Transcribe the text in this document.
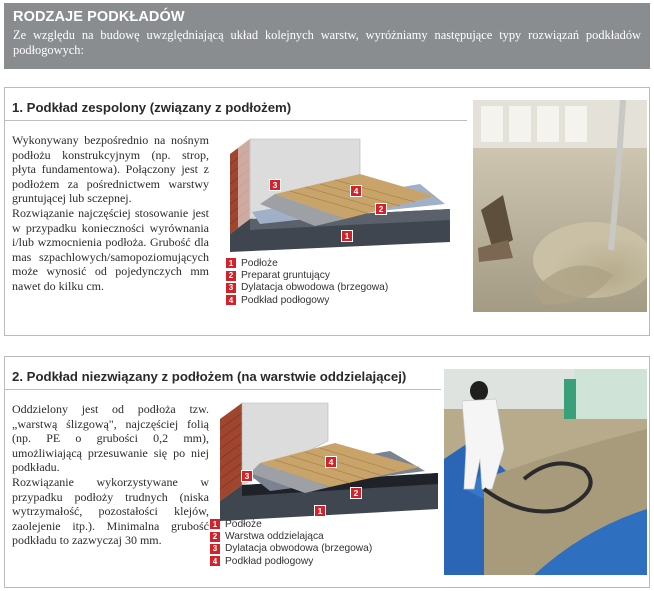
RODZAJE PODKŁADÓW
Ze względu na budowę uwzględniającą układ kolejnych warstw, wyróżniamy następujące typy rozwiązań podkładów podłogowych:
1. Podkład zespolony (związany z podłożem)

Wykonywany bezpośrednio na nośnym podłożu konstrukcyjnym (np. strop, płyta fundamentowa). Połączony jest z podłożem za pośrednictwem warstwy gruntującej lub sczepnej.

Rozwiązanie najczęściej stosowanie jest w przypadku konieczności wyrównania i/lub wzmocnienia podłoża. Grubość dla mas szpachlowych/samopoziomujących może wynosić od pojedynczych mm nawet do kilku cm.

3
4
2
1
1 Podłoże
2 Preparat gruntujący
3 Dylatacja obwodowa (brzegowa)
4 Podkład podłogowy
2. Podkład niezwiązany z podłożem (na warstwie oddzielającej)

Oddzielony jest od podłoża tzw. „warstwą ślizgową", najczęściej folią (np. PE o grubości 0,2 mm), umożliwiającą przesuwanie się po niej podkładu.

Rozwiązanie wykorzystywane w przypadku podłoży trudnych (niska wytrzymałość, pozostałości klejów, zaolejenie itp.). Minimalna grubość podkładu to zazwyczaj 30 mm.

3
4
2
1
1 Podłoże
2 Warstwa oddzielająca
3 Dylatacja obwodowa (brzegowa)
4 Podkład podłogowy
